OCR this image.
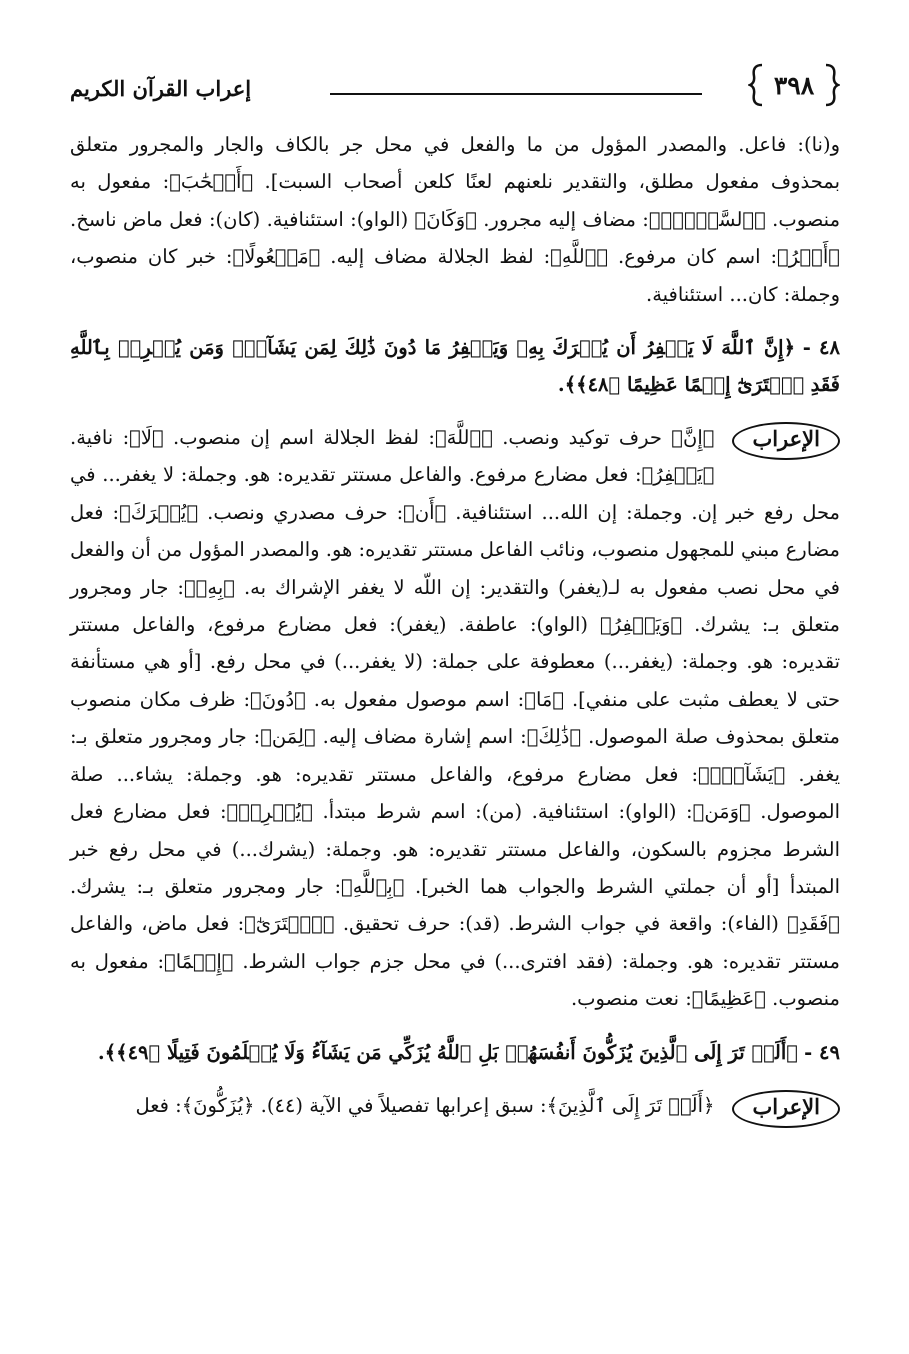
٣٩٨
إعراب القرآن الكريم

و(نا): فاعل. والمصدر المؤول من ما والفعل في محل جر بالكاف والجار والمجرور متعلق بمحذوف مفعول مطلق، والتقدير نلعنهم لعنًا كلعن أصحاب السبت]. ﴿أَصۡحَٰبَ﴾: مفعول به منصوب. ﴿ٱلسَّبۡتِۚ﴾: مضاف إليه مجرور. ﴿وَكَانَ﴾ (الواو): استئنافية. (كان): فعل ماض ناسخ. ﴿أَمۡرُ﴾: اسم كان مرفوع. ﴿ٱللَّهِ﴾: لفظ الجلالة مضاف إليه. ﴿مَفۡعُولًا﴾: خبر كان منصوب، وجملة: كان... استئنافية.

٤٨ - ﴿إِنَّ ٱللَّهَ لَا يَغۡفِرُ أَن يُشۡرَكَ بِهِۦ وَيَغۡفِرُ مَا دُونَ ذَٰلِكَ لِمَن يَشَآءُۚ وَمَن يُشۡرِكۡ بِٱللَّهِ فَقَدِ ٱفۡتَرَىٰٓ إِثۡمًا عَظِيمًا ﴿٤٨﴾﴾.

الإعراب
﴿إِنَّ﴾ حرف توكيد ونصب. ﴿ٱللَّهَ﴾: لفظ الجلالة اسم إن منصوب. ﴿لَا﴾: نافية. ﴿يَغۡفِرُ﴾: فعل مضارع مرفوع. والفاعل مستتر تقديره: هو. وجملة: لا يغفر... في محل رفع خبر إن. وجملة: إن الله... استئنافية. ﴿أَن﴾: حرف مصدري ونصب. ﴿يُشۡرَكَ﴾: فعل مضارع مبني للمجهول منصوب، ونائب الفاعل مستتر تقديره: هو. والمصدر المؤول من أن والفعل في محل نصب مفعول به لـ(يغفر) والتقدير: إن اللّه لا يغفر الإشراك به. ﴿بِهِۦ﴾: جار ومجرور متعلق بـ: يشرك. ﴿وَيَغۡفِرُ﴾ (الواو): عاطفة. (يغفر): فعل مضارع مرفوع، والفاعل مستتر تقديره: هو. وجملة: (يغفر...) معطوفة على جملة: (لا يغفر...) في محل رفع. [أو هي مستأنفة حتى لا يعطف مثبت على منفي]. ﴿مَا﴾: اسم موصول مفعول به. ﴿دُونَ﴾: ظرف مكان منصوب متعلق بمحذوف صلة الموصول. ﴿ذَٰلِكَ﴾: اسم إشارة مضاف إليه. ﴿لِمَن﴾: جار ومجرور متعلق بـ: يغفر. ﴿يَشَآءُۚ﴾: فعل مضارع مرفوع، والفاعل مستتر تقديره: هو. وجملة: يشاء... صلة الموصول. ﴿وَمَن﴾: (الواو): استئنافية. (من): اسم شرط مبتدأ. ﴿يُشۡرِكۡ﴾: فعل مضارع فعل الشرط مجزوم بالسكون، والفاعل مستتر تقديره: هو. وجملة: (يشرك...) في محل رفع خبر المبتدأ [أو أن جملتي الشرط والجواب هما الخبر]. ﴿بِٱللَّهِ﴾: جار ومجرور متعلق بـ: يشرك. ﴿فَقَدِ﴾ (الفاء): واقعة في جواب الشرط. (قد): حرف تحقيق. ﴿ٱفۡتَرَىٰٓ﴾: فعل ماض، والفاعل مستتر تقديره: هو. وجملة: (فقد افترى...) في محل جزم جواب الشرط. ﴿إِثۡمًا﴾: مفعول به منصوب. ﴿عَظِيمًا﴾: نعت منصوب.

٤٩ - ﴿أَلَمۡ تَرَ إِلَى ٱلَّذِينَ يُزَكُّونَ أَنفُسَهُمۚ بَلِ ٱللَّهُ يُزَكِّي مَن يَشَآءُ وَلَا يُظۡلَمُونَ فَتِيلًا ﴿٤٩﴾﴾.

الإعراب
﴿أَلَمۡ تَرَ إِلَى ٱلَّذِينَ﴾: سبق إعرابها تفصيلاً في الآية (٤٤). ﴿يُزَكُّونَ﴾: فعل
